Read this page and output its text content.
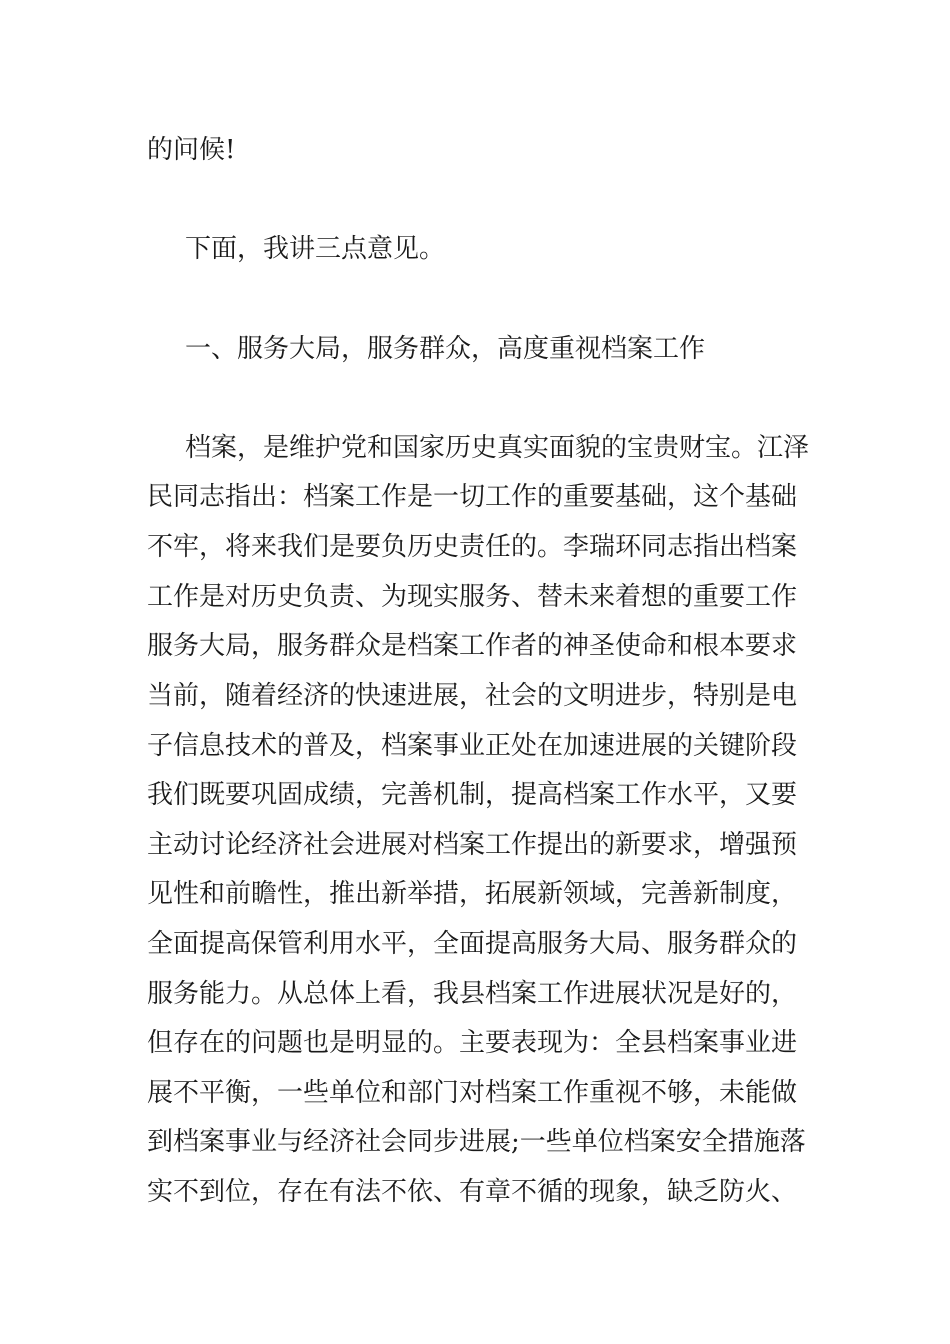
的问候!
下面，我讲三点意见。
一、服务大局，服务群众，高度重视档案工作
档案，是维护党和国家历史真实面貌的宝贵财宝。江泽
民同志指出：档案工作是一切工作的重要基础，这个基础
不牢，将来我们是要负历史责任的。李瑞环同志指出档案
工作是对历史负责、为现实服务、替未来着想的重要工作
服务大局，服务群众是档案工作者的神圣使命和根本要求
当前，随着经济的快速进展，社会的文明进步，特别是电
子信息技术的普及，档案事业正处在加速进展的关键阶段
我们既要巩固成绩，完善机制，提高档案工作水平，又要
主动讨论经济社会进展对档案工作提出的新要求，增强预
见性和前瞻性，推出新举措，拓展新领域，完善新制度，
全面提高保管利用水平，全面提高服务大局、服务群众的
服务能力。从总体上看，我县档案工作进展状况是好的，
但存在的问题也是明显的。主要表现为：全县档案事业进
展不平衡，一些单位和部门对档案工作重视不够，未能做
到档案事业与经济社会同步进展;一些单位档案安全措施落
实不到位，存在有法不依、有章不循的现象，缺乏防火、
